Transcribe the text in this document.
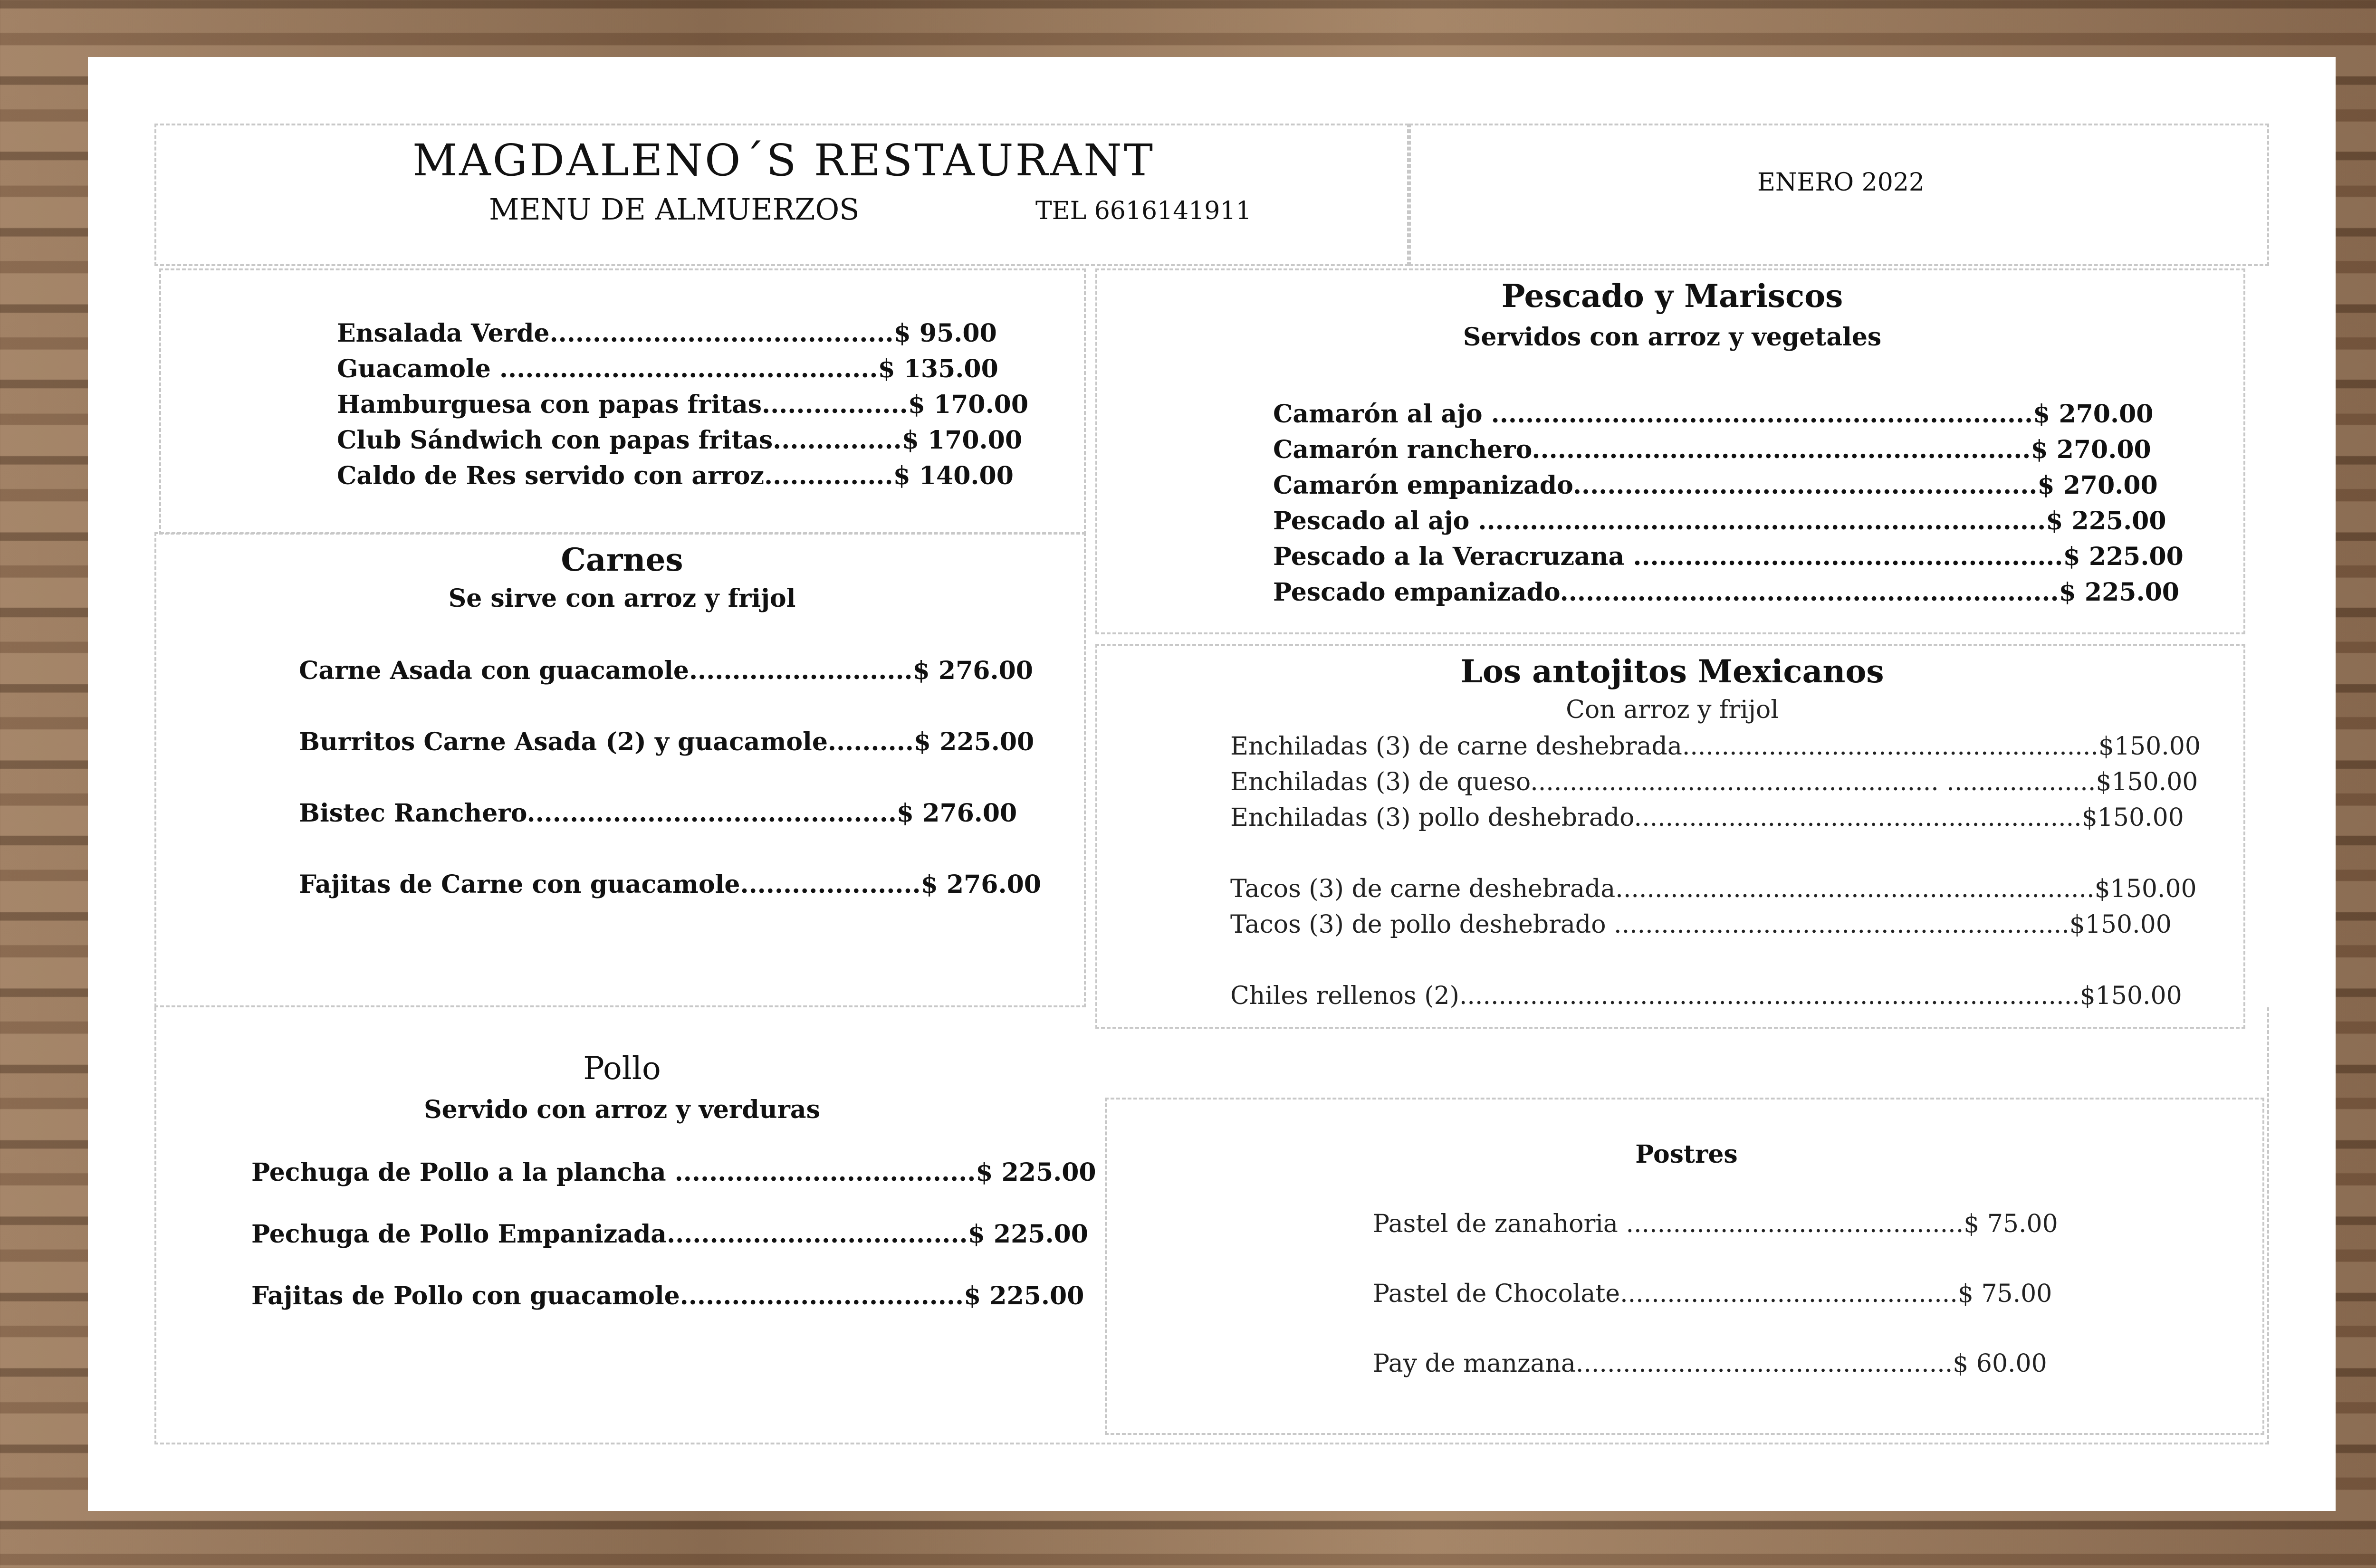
MAGDALENO´S RESTAURANT
MENU DE ALMUERZOS	TEL 6616141911
ENERO 2022
Ensalada Verde........................................$ 95.00
Guacamole ............................................$ 135.00
Hamburguesa con papas fritas.................$ 170.00
Club Sándwich con papas fritas...............$ 170.00
Caldo de Res servido con arroz...............$ 140.00
Carnes
Se sirve con arroz y frijol
Carne Asada con guacamole..........................$ 276.00
Burritos Carne Asada (2) y guacamole..........$ 225.00
Bistec Ranchero...........................................$ 276.00
Fajitas de Carne con guacamole.....................$ 276.00
Pollo
Servido con arroz y verduras
Pechuga de Pollo a la plancha ...................................$ 225.00
Pechuga de Pollo Empanizada...................................$ 225.00
Fajitas de Pollo con guacamole.................................$ 225.00
Pescado y Mariscos
Servidos con arroz y vegetales
Camarón al ajo ...............................................................$ 270.00
Camarón ranchero..........................................................$ 270.00
Camarón empanizado......................................................$ 270.00
Pescado al ajo ..................................................................$ 225.00
Pescado a la Veracruzana ..................................................$ 225.00
Pescado empanizado..........................................................$ 225.00
Los antojitos Mexicanos
Con arroz y frijol
Enchiladas (3) de carne deshebrada.....................................................$150.00
Enchiladas (3) de queso.................................................... ...................$150.00
Enchiladas (3) pollo deshebrado.........................................................$150.00
Tacos (3) de carne deshebrada.............................................................$150.00
Tacos (3) de pollo deshebrado ..........................................................$150.00
Chiles rellenos (2)...............................................................................$150.00
Postres
Pastel de zanahoria ...........................................$ 75.00
Pastel de Chocolate...........................................$ 75.00
Pay de manzana................................................$ 60.00
